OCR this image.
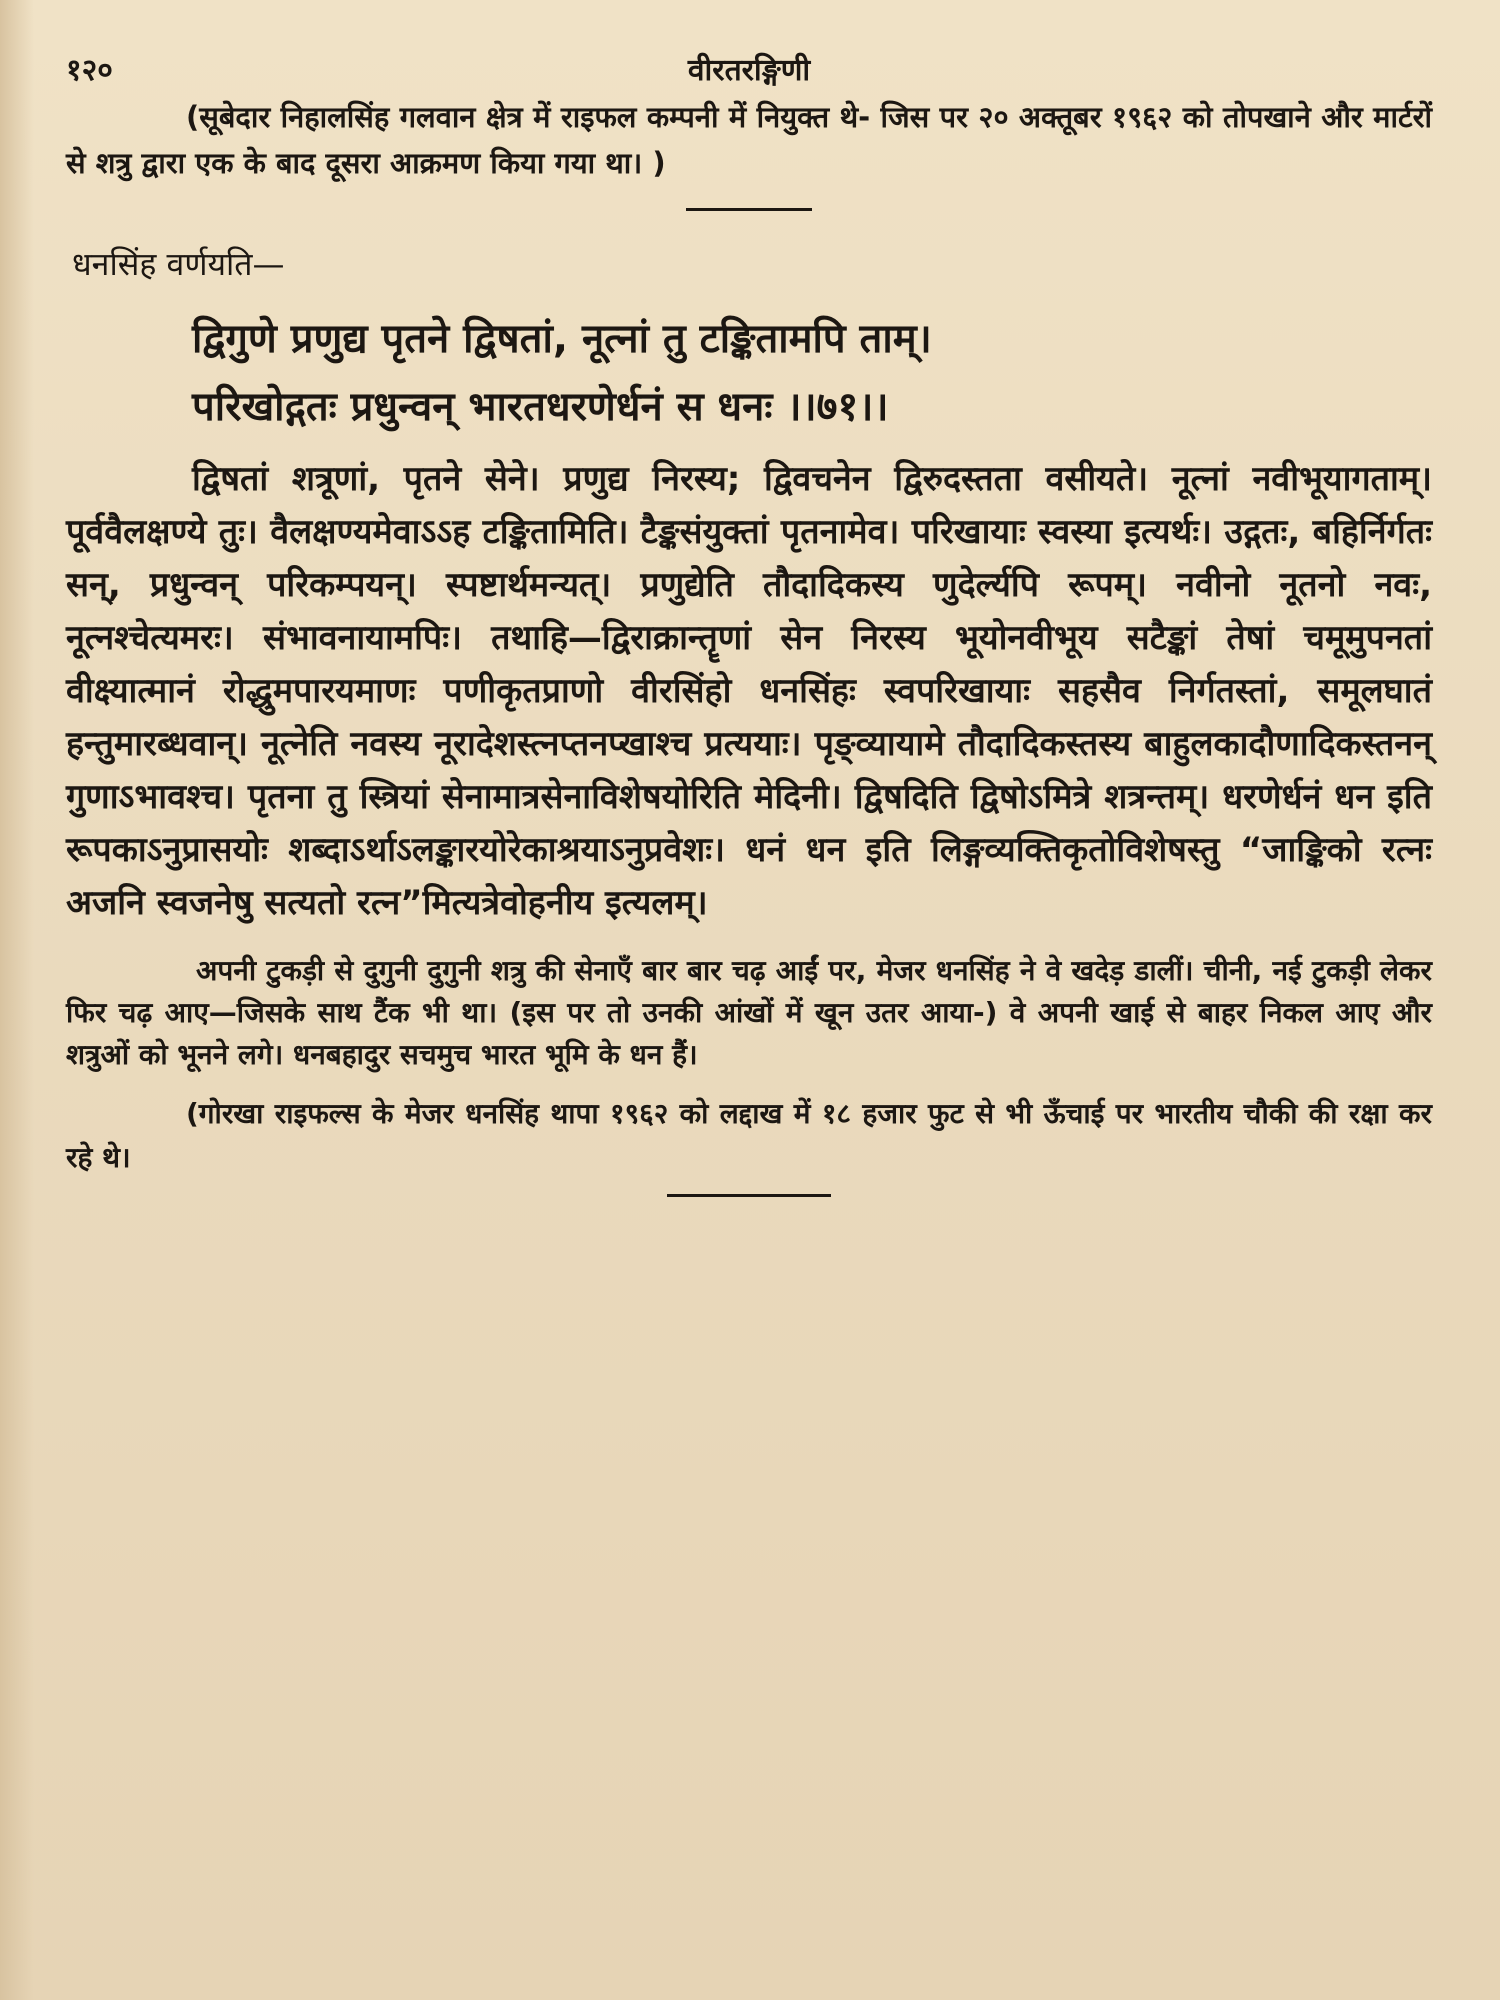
१२०	वीरतरङ्गिणी

(सूबेदार निहालसिंह गलवान क्षेत्र में राइफल कम्पनी में नियुक्त थे- जिस पर २० अक्तूबर १९६२ को तोपखाने और मार्टरों से शत्रु द्वारा एक के बाद दूसरा आक्रमण किया गया था। )

धनसिंह वर्णयति—
द्विगुणे प्रणुद्य पृतने द्विषतां, नूत्नां तु टङ्कितामपि ताम्।
परिखोद्गतः प्रधुन्वन् भारतधरणेर्धनं स धनः ।।७१।।

द्विषतां शत्रूणां, पृतने सेने। प्रणुद्य निरस्य; द्विवचनेन द्विरुदस्तता वसीयते। नूत्नां नवीभूयागताम्। पूर्ववैलक्षण्ये तुः। वैलक्षण्यमेवाऽऽह टङ्कितामिति। टैङ्कसंयुक्तां पृतनामेव। परिखायाः स्वस्या इत्यर्थः। उद्गतः, बहिर्निर्गतः सन्, प्रधुन्वन् परिकम्पयन्। स्पष्टार्थमन्यत्। प्रणुद्येति तौदादिकस्य णुदेर्ल्यपि रूपम्। नवीनो नूतनो नवः, नूत्नश्चेत्यमरः। संभावनायामपिः। तथाहि—द्विराक्रान्तॄणां सेन निरस्य भूयोनवीभूय सटैङ्कां तेषां चमूमुपनतां वीक्ष्यात्मानं रोद्धुमपारयमाणः पणीकृतप्राणो वीरसिंहो धनसिंहः स्वपरिखायाः सहसैव निर्गतस्तां, समूलघातं हन्तुमारब्धवान्। नूत्नेति नवस्य नूरादेशस्त्नप्तनप्खाश्च प्रत्ययाः। पृङ्व्यायामे तौदादिकस्तस्य बाहुलकादौणादिकस्तनन् गुणाऽभावश्च। पृतना तु स्त्रियां सेनामात्रसेनाविशेषयोरिति मेदिनी। द्विषदिति द्विषोऽमित्रे शत्रन्तम्। धरणेर्धनं धन इति रूपकाऽनुप्रासयोः शब्दाऽर्थाऽलङ्कारयोरेकाश्रयाऽनुप्रवेशः। धनं धन इति लिङ्गव्यक्तिकृतोविशेषस्तु “जाङ्किको रत्नः अजनि स्वजनेषु सत्यतो रत्न”मित्यत्रेवोहनीय इत्यलम्।

अपनी टुकड़ी से दुगुनी दुगुनी शत्रु की सेनाएँ बार बार चढ़ आईं पर, मेजर धनसिंह ने वे खदेड़ डालीं। चीनी, नई टुकड़ी लेकर फिर चढ़ आए—जिसके साथ टैंक भी था। (इस पर तो उनकी आंखों में खून उतर आया-) वे अपनी खाई से बाहर निकल आए और शत्रुओं को भूनने लगे। धनबहादुर सचमुच भारत भूमि के धन हैं।

(गोरखा राइफल्स के मेजर धनसिंह थापा १९६२ को लद्दाख में १८ हजार फुट से भी ऊँचाई पर भारतीय चौकी की रक्षा कर रहे थे।
